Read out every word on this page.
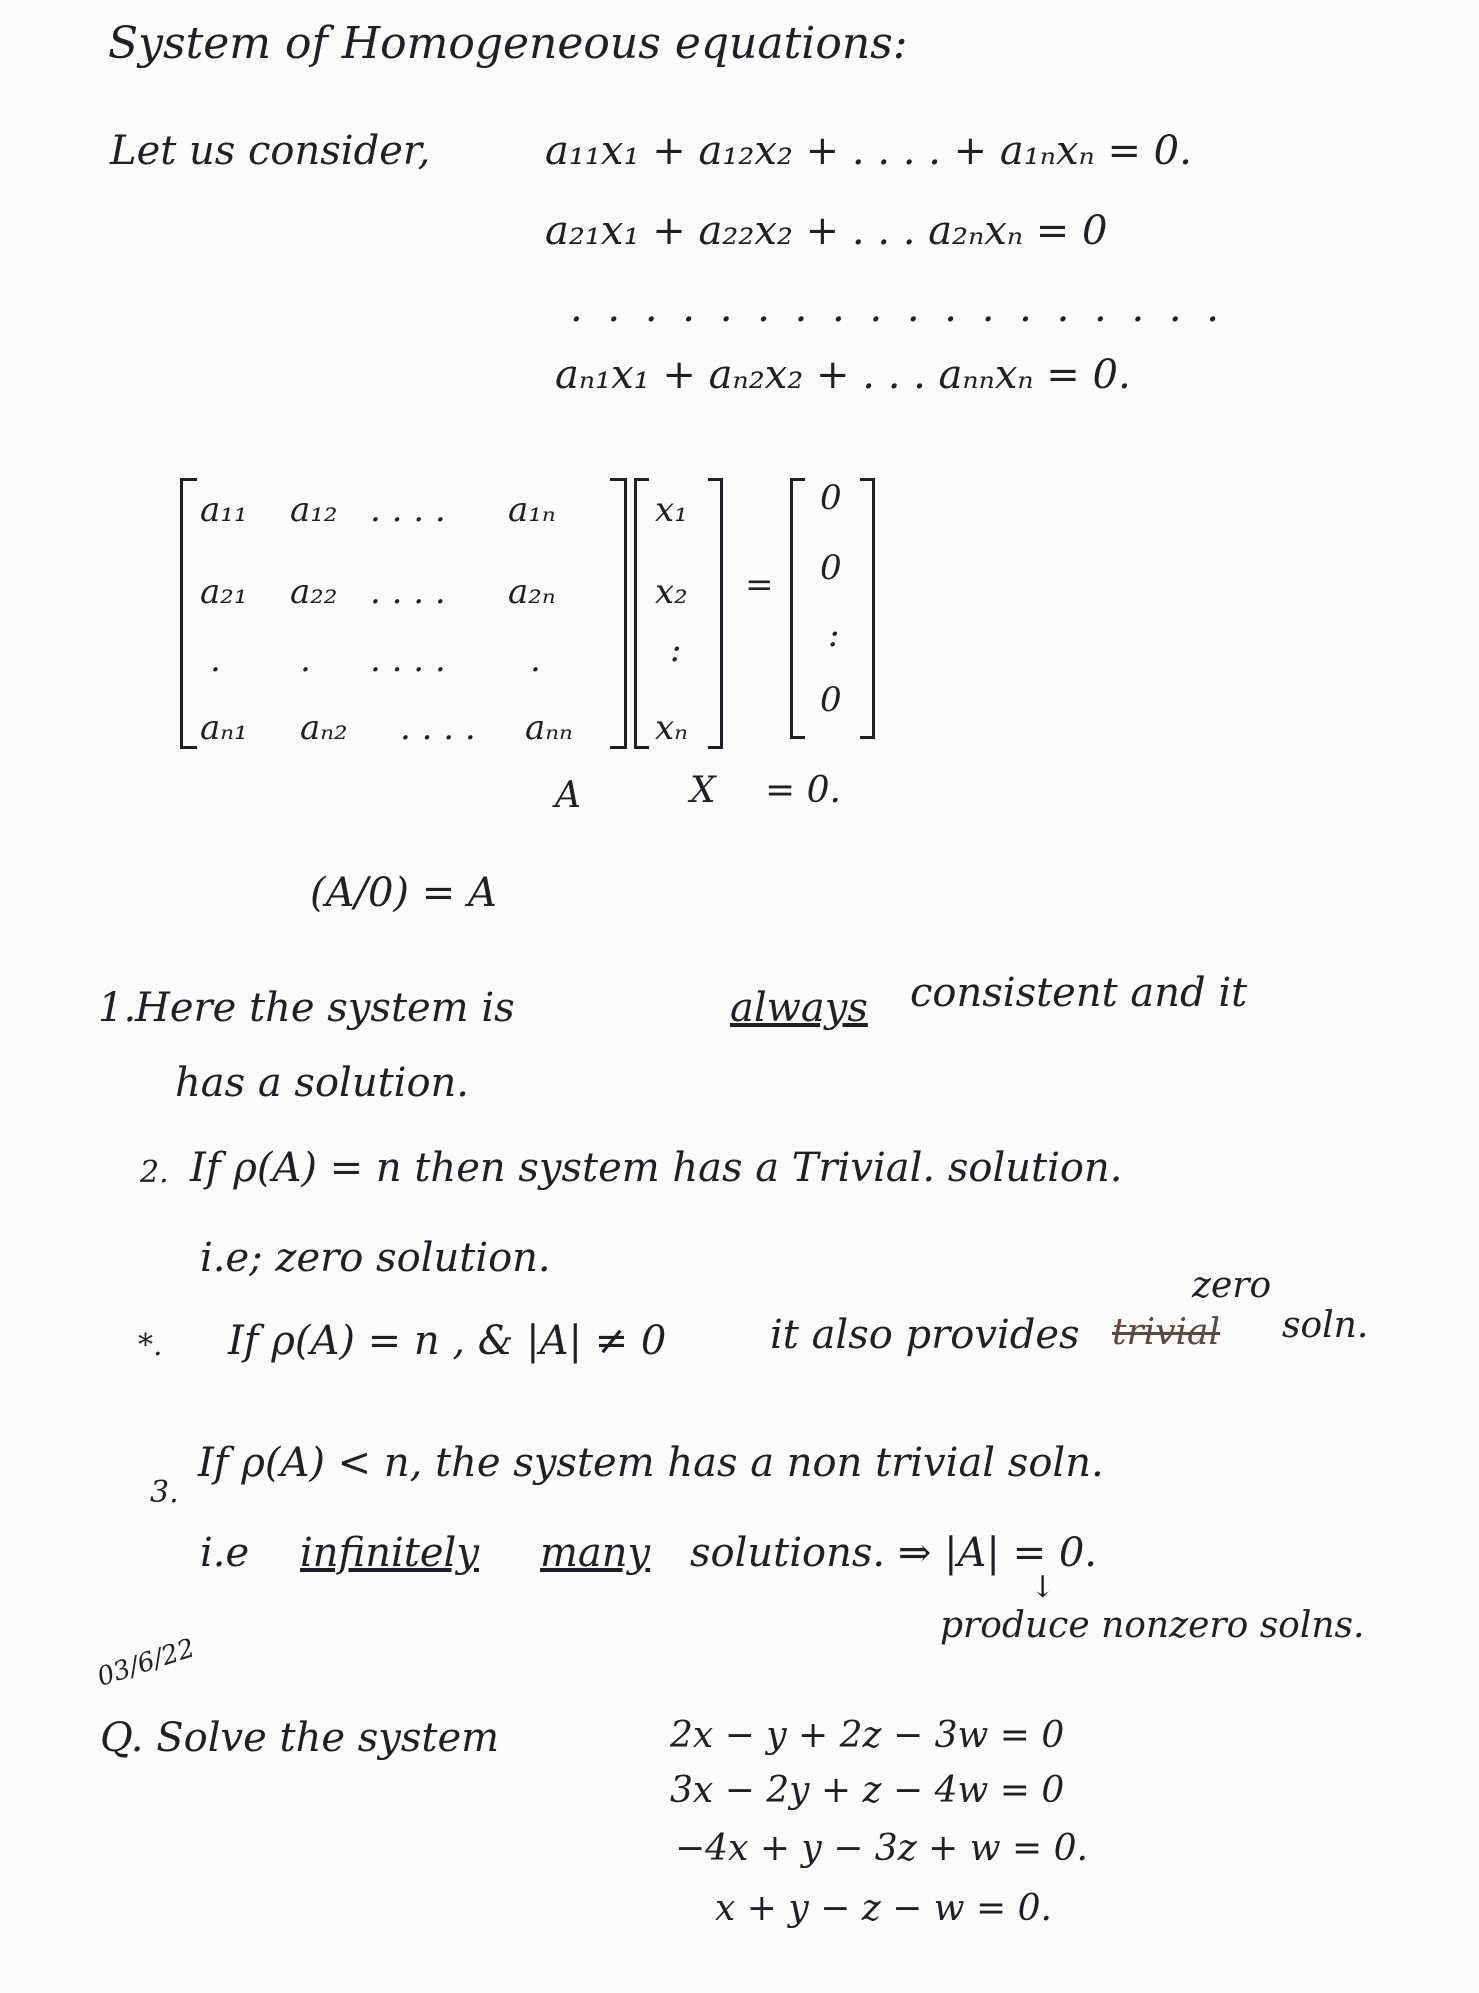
System of Homogeneous equations:
Let us consider,	a₁₁x₁ + a₁₂x₂ + . . . . + a₁ₙxₙ = 0.
a₂₁x₁ + a₂₂x₂ + . . . a₂ₙxₙ = 0
. . . . . . . . . . . . . . . . . .
aₙ₁x₁ + aₙ₂x₂ + . . . aₙₙxₙ = 0.
a₁₁ a₁₂ . . . . a₁ₙ
a₂₁ a₂₂ . . . . a₂ₙ
. . . . . . .
aₙ₁ aₙ₂ . . . . aₙₙ
x₁
x₂
:
xₙ
=
0
0
:
0
A	X = 0.
(A/0) = A
1.
Here the system is	always consistent and it
has a solution.
2. If ρ(A) = n then system has a Trivial. solution.
i.e; zero solution.
*. If ρ(A) = n , & |A| ≠ 0	it also provides
zero
trivial soln.
3.
If ρ(A) < n, the system has a non trivial soln.
i.e infinitely many solutions. ⇒ |A| = 0.
↓
produce nonzero solns.
03/6/22
Q. Solve the system	2x − y + 2z − 3w = 0
3x − 2y + z − 4w = 0
−4x + y − 3z + w = 0.
x + y − z − w = 0.
